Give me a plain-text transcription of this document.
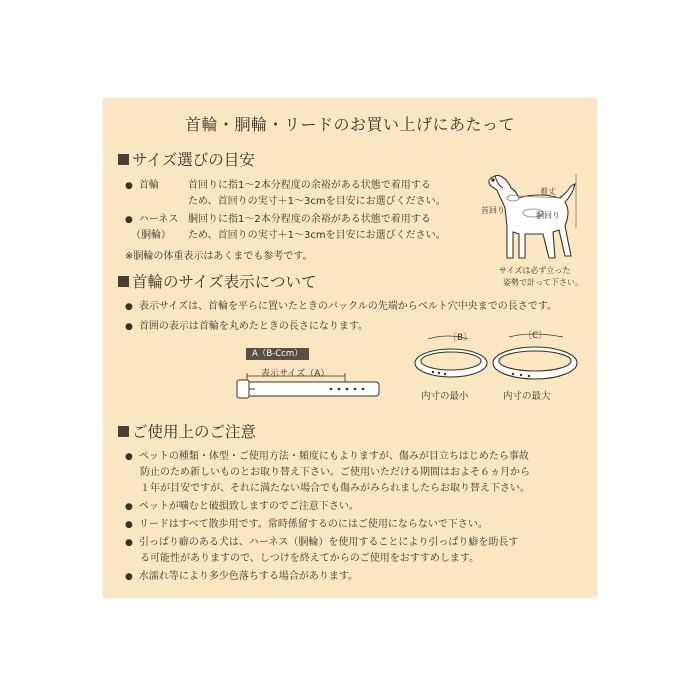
首輪・胴輪・リードのお買い上げにあたって
サイズ選びの目安
● 首輪	首回りに指1〜2本分程度の余裕がある状態で着用する
ため、首回りの実寸＋1〜3cmを目安にお選びください。
● ハーネス
（胴輪）
胴回りに指1〜2本分程度の余裕がある状態で着用する
ため、首回りの実寸＋1〜3cmを目安にお選びください。
※胴輪の体重表示はあくまでも参考です。
着丈
首回り
胴回り
サイズは必ず立った
姿勢で計って下さい。
首輪のサイズ表示について
● 表示サイズは、首輪を平らに置いたときのバックルの先端からベルト穴中央までの長さです。
● 首囲の表示は首輪を丸めたときの長さになります。
A（B-Ccm）
表示サイズ（A）
〔B〕	〔C〕
内寸の最小	内寸の最大
ご使用上のご注意
● ペットの種類・体型・ご使用方法・頻度にもよりますが、傷みが目立ちはじめたら事故
防止のため新しいものとお取り替え下さい。ご使用いただける期間はおよそ６ヵ月から
１年が目安ですが、それに満たない場合でも傷みがみられましたらお取り替え下さい。
● ペットが噛むと破損致しますのでご注意下さい。
● リードはすべて散歩用です。常時係留するのにはご使用にならないで下さい。
● 引っぱり癖のある犬は、ハーネス（胴輪）を使用することにより引っぱり癖を助長す
る可能性がありますので、しつけを終えてからのご使用をおすすめします。
● 水濡れ等により多少色落ちする場合があります。
